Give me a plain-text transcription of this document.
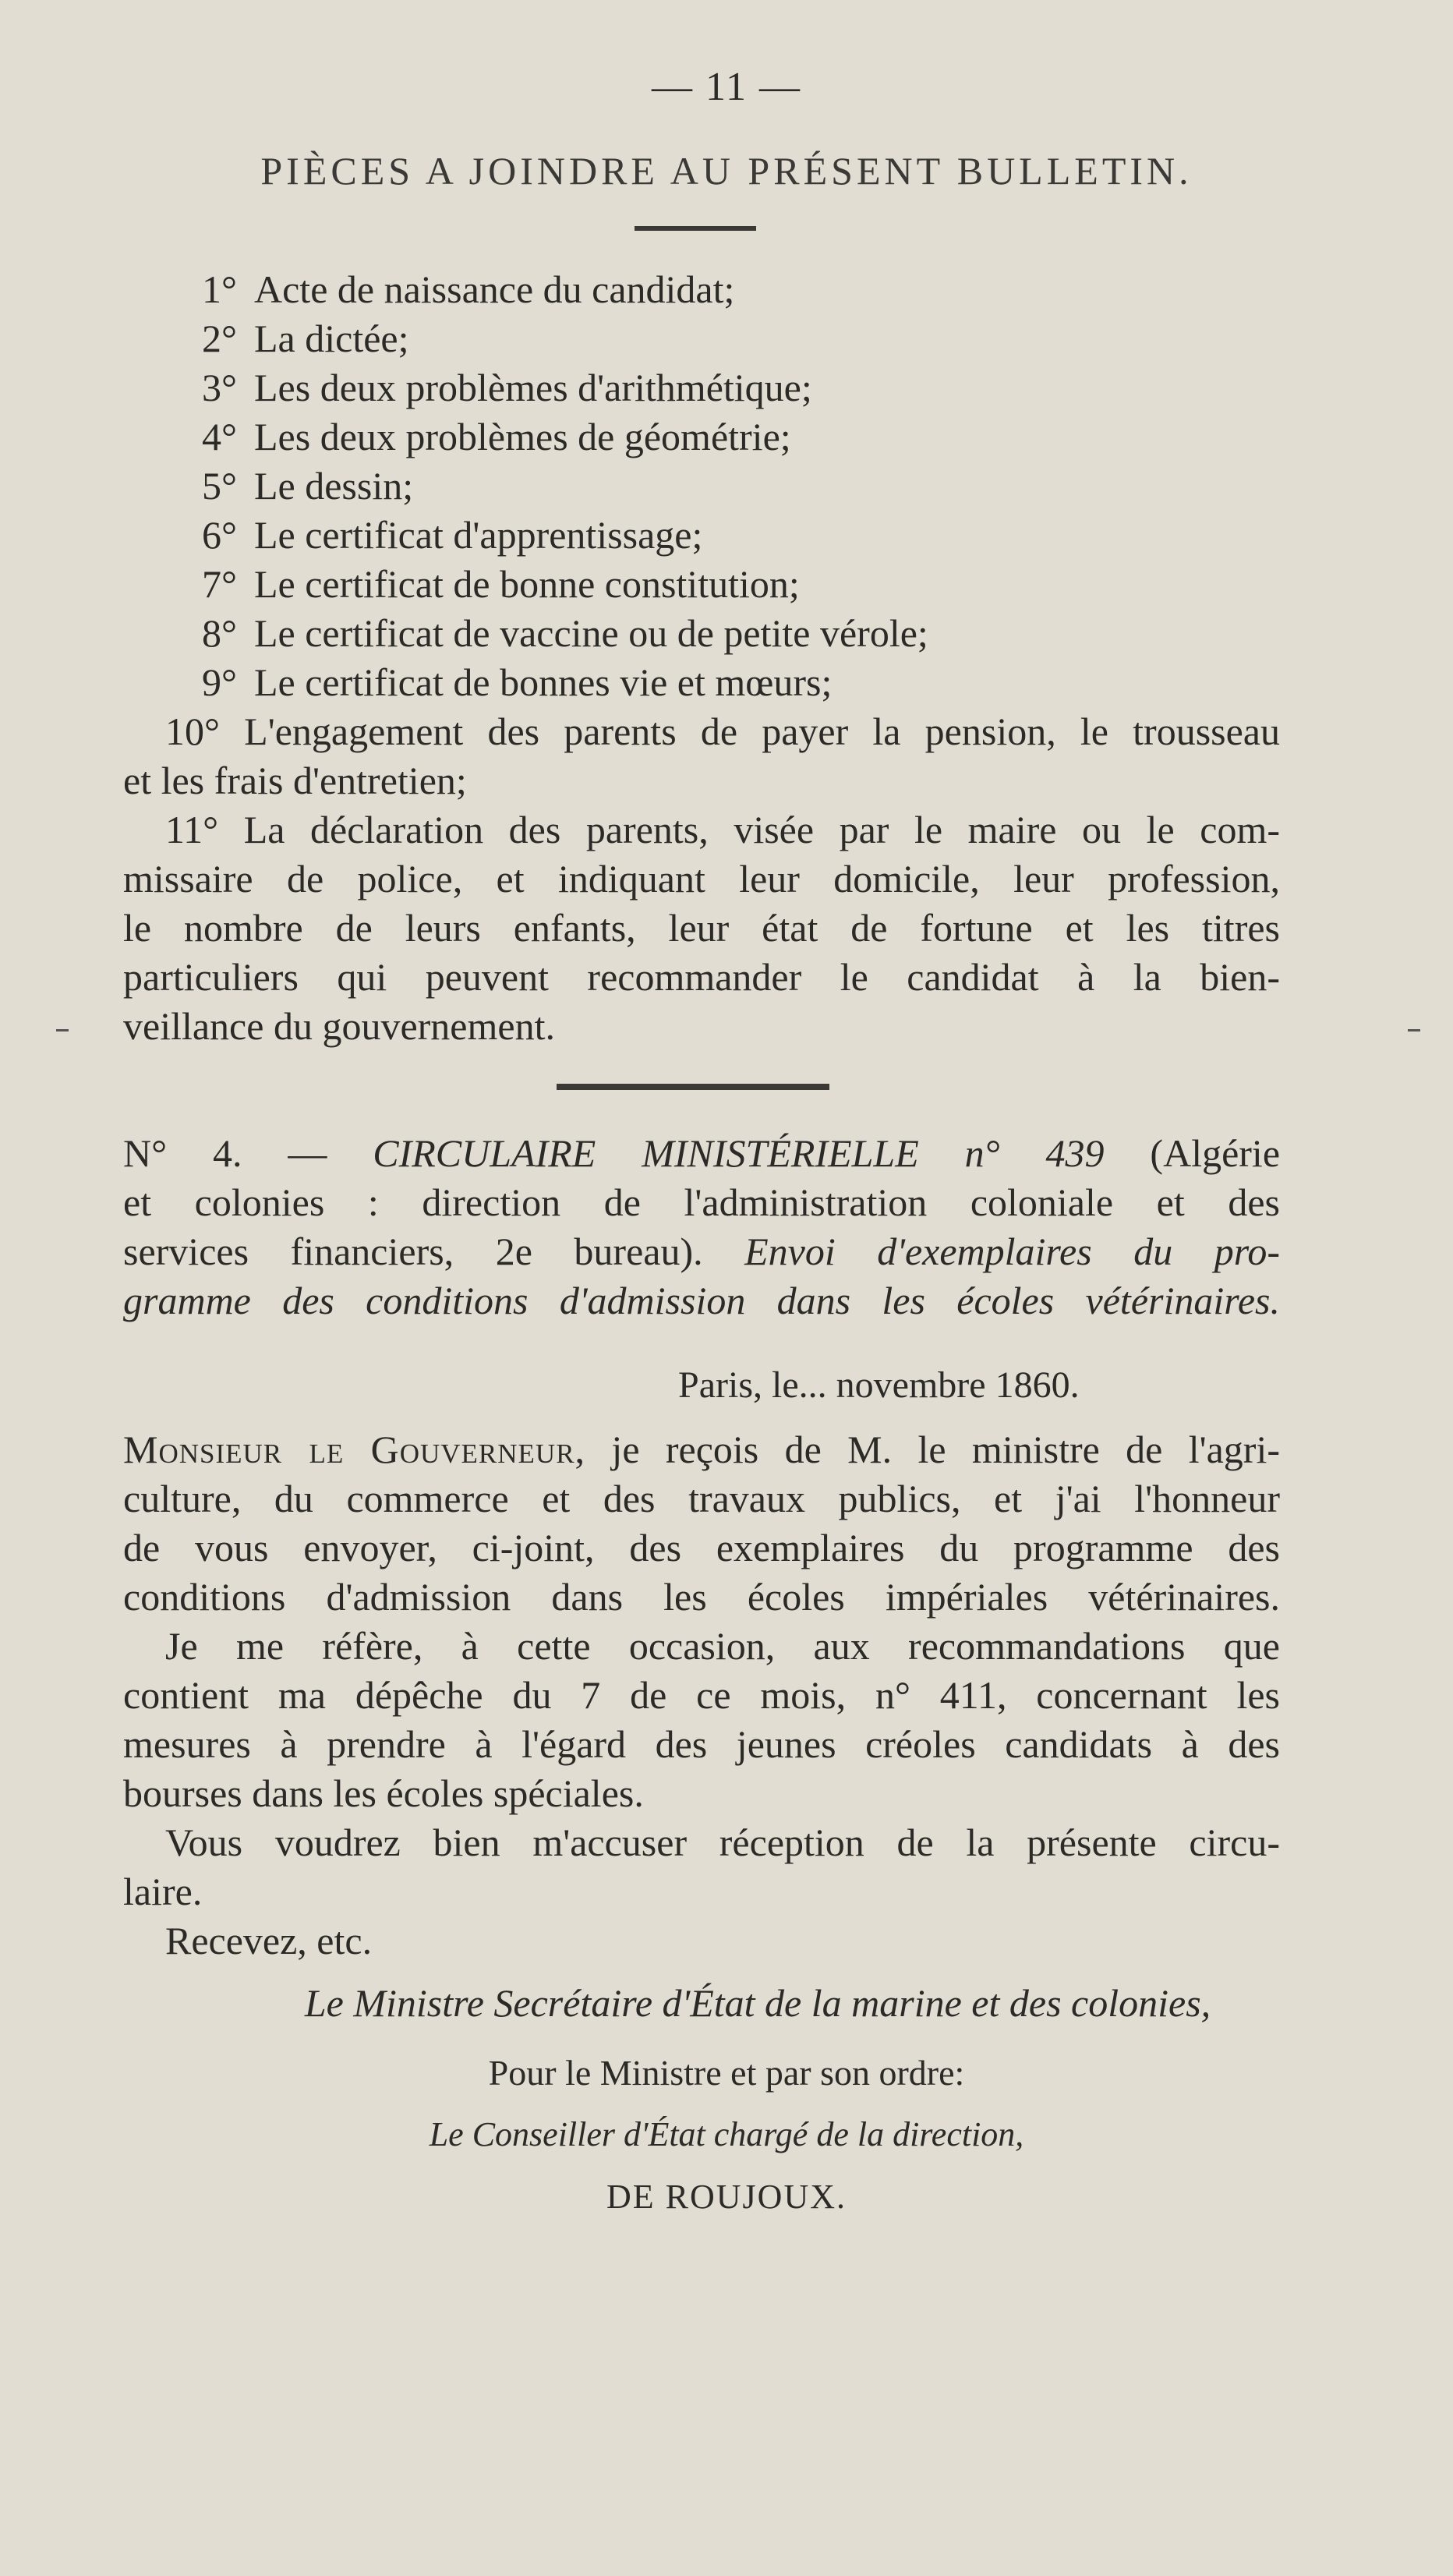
— 11 —
PIÈCES A JOINDRE AU PRÉSENT BULLETIN.
1° Acte de naissance du candidat;
2° La dictée;
3° Les deux problèmes d'arithmétique;
4° Les deux problèmes de géométrie;
5° Le dessin;
6° Le certificat d'apprentissage;
7° Le certificat de bonne constitution;
8° Le certificat de vaccine ou de petite vérole;
9° Le certificat de bonnes vie et mœurs;
10° L'engagement des parents de payer la pension, le trousseau
et les frais d'entretien;
11° La déclaration des parents, visée par le maire ou le com-
missaire de police, et indiquant leur domicile, leur profession,
le nombre de leurs enfants, leur état de fortune et les titres
particuliers qui peuvent recommander le candidat à la bien-
veillance du gouvernement.
N° 4. — CIRCULAIRE MINISTÉRIELLE n° 439 (Algérie
et colonies : direction de l'administration coloniale et des
services financiers, 2e bureau). Envoi d'exemplaires du pro-
gramme des conditions d'admission dans les écoles vétérinaires.
Paris, le... novembre 1860.
Monsieur le Gouverneur, je reçois de M. le ministre de l'agri-
culture, du commerce et des travaux publics, et j'ai l'honneur
de vous envoyer, ci-joint, des exemplaires du programme des
conditions d'admission dans les écoles impériales vétérinaires.
Je me réfère, à cette occasion, aux recommandations que
contient ma dépêche du 7 de ce mois, n° 411, concernant les
mesures à prendre à l'égard des jeunes créoles candidats à des
bourses dans les écoles spéciales.
Vous voudrez bien m'accuser réception de la présente circu-
laire.
Recevez, etc.
Le Ministre Secrétaire d'État de la marine et des colonies,
Pour le Ministre et par son ordre:
Le Conseiller d'État chargé de la direction,
DE ROUJOUX.
